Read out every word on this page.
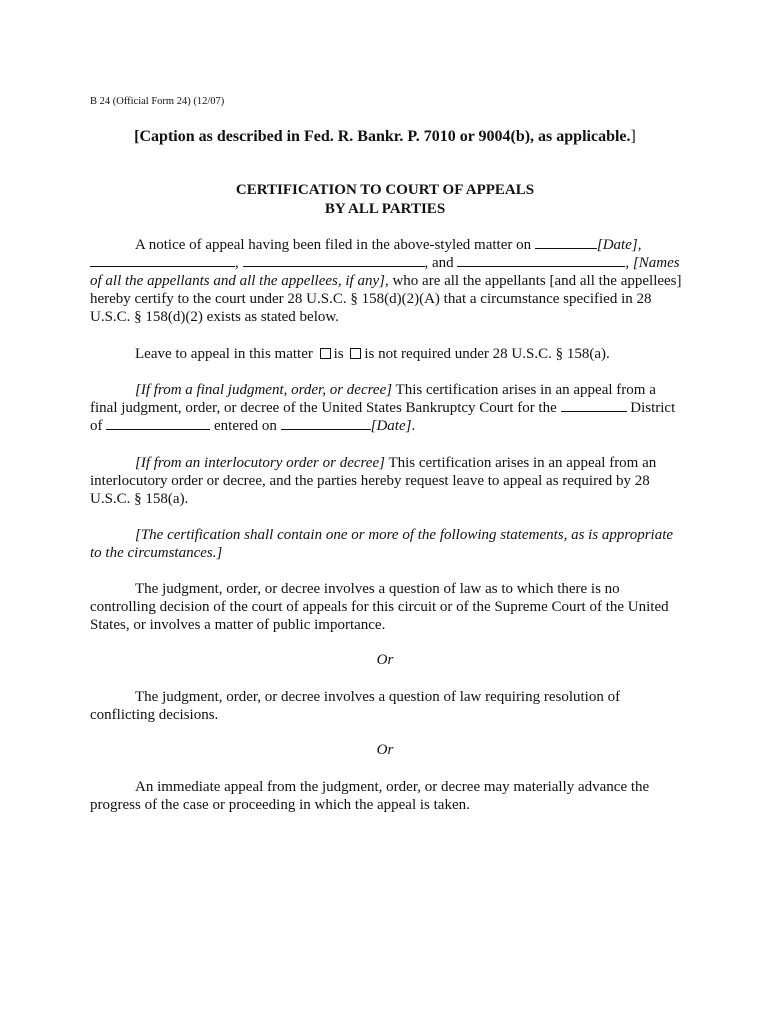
B 24 (Official Form 24) (12/07)
[Caption as described in Fed. R. Bankr. P. 7010 or 9004(b), as applicable.]
CERTIFICATION TO COURT OF APPEALS
BY ALL PARTIES
A notice of appeal having been filed in the above-styled matter on	[Date], ,	, and	, [Names of all the appellants and all the appellees, if any], who are all the appellants [and all the appellees] hereby certify to the court under 28 U.S.C. § 158(d)(2)(A) that a circumstance specified in 28 U.S.C. § 158(d)(2) exists as stated below.
Leave to appeal in this matter is is not required under 28 U.S.C. § 158(a).
[If from a final judgment, order, or decree] This certification arises in an appeal from a final judgment, order, or decree of the United States Bankruptcy Court for the	District of	entered on	[Date].
[If from an interlocutory order or decree] This certification arises in an appeal from an interlocutory order or decree, and the parties hereby request leave to appeal as required by 28 U.S.C. § 158(a).
[The certification shall contain one or more of the following statements, as is appropriate to the circumstances.]
The judgment, order, or decree involves a question of law as to which there is no controlling decision of the court of appeals for this circuit or of the Supreme Court of the United States, or involves a matter of public importance.
Or
The judgment, order, or decree involves a question of law requiring resolution of conflicting decisions.
Or
An immediate appeal from the judgment, order, or decree may materially advance the progress of the case or proceeding in which the appeal is taken.
